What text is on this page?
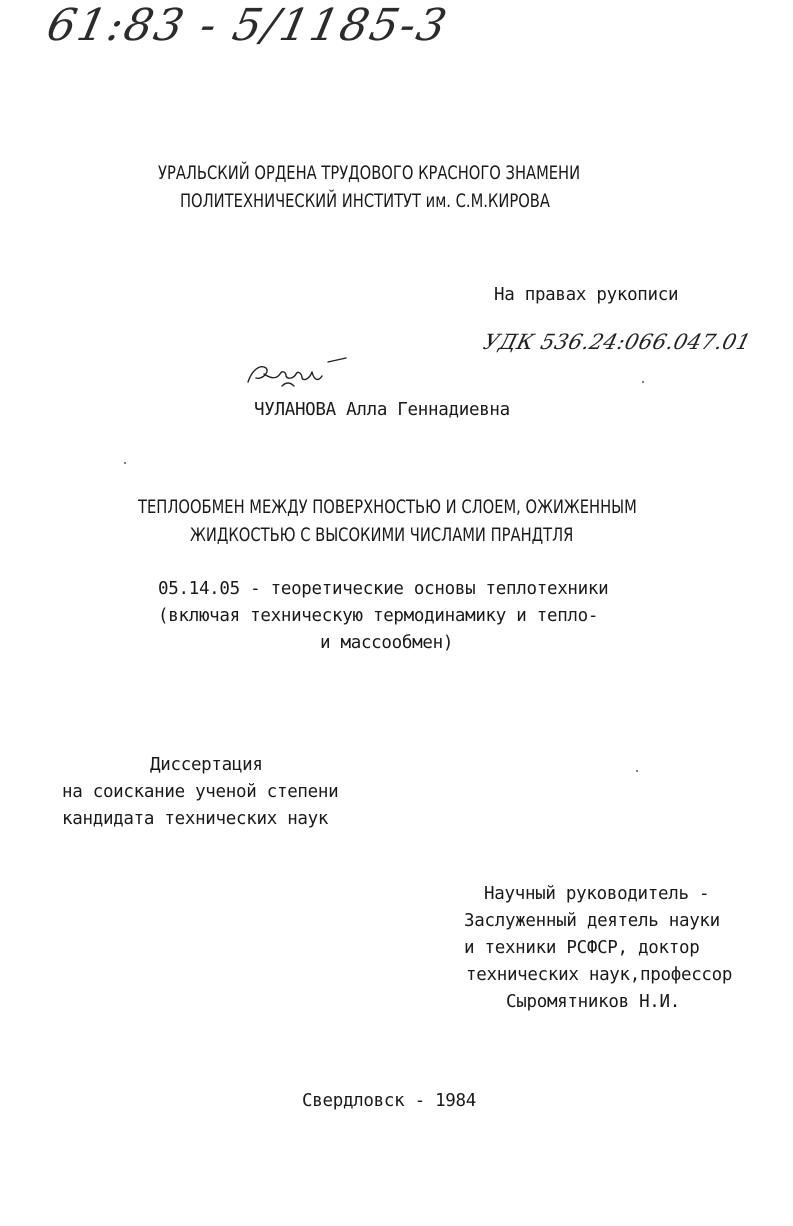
61:83 - 5/1185-3
УРАЛЬСКИЙ ОРДЕНА ТРУДОВОГО КРАСНОГО ЗНАМЕНИ
ПОЛИТЕХНИЧЕСКИЙ ИНСТИТУТ им. С.М.КИРОВА
На правах рукописи
УДК 536.24:066.047.01
ЧУЛАНОВА Алла Геннадиевна
ТЕПЛООБМЕН МЕЖДУ ПОВЕРХНОСТЬЮ И СЛОЕМ, ОЖИЖЕННЫМ
ЖИДКОСТЬЮ С ВЫСОКИМИ ЧИСЛАМИ ПРАНДТЛЯ
05.14.05 - теоретические основы теплотехники
(включая техническую термодинамику и тепло-
и массообмен)
Диссертация
на соискание ученой степени
кандидата технических наук
Научный руководитель -
Заслуженный деятель науки
и техники РСФСР, доктор
технических наук,профессор
Сыромятников Н.И.
Свердловск - 1984
